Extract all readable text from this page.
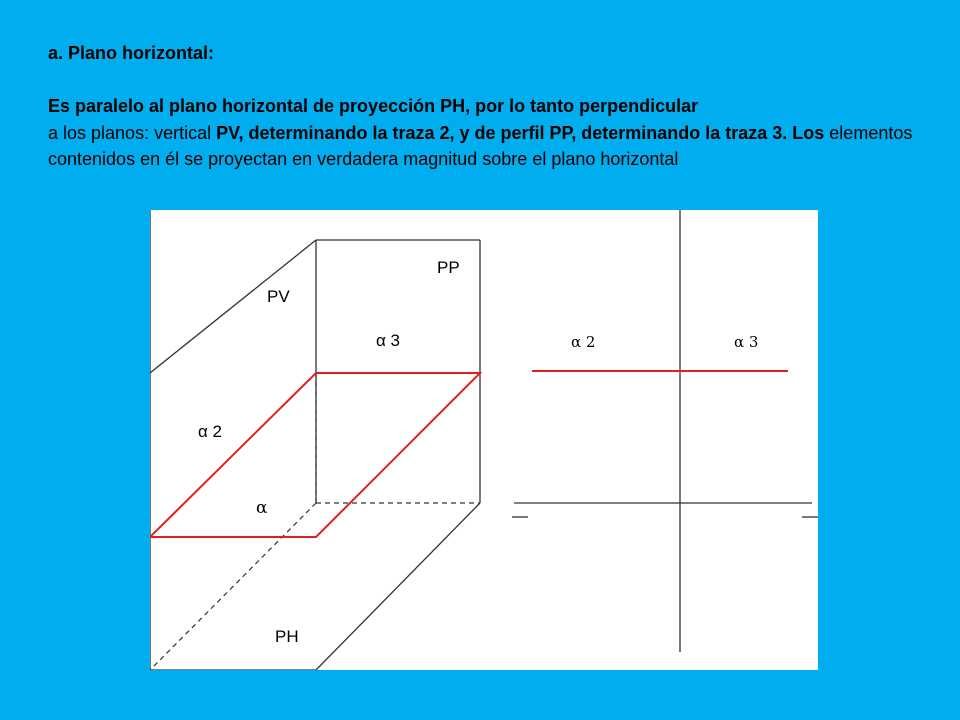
a. Plano horizontal:
Es paralelo al plano horizontal de proyección PH, por lo tanto perpendicular
a los planos: vertical PV, determinando la traza 2, y de perfil PP, determinando la traza 3. Los elementos contenidos en él se proyectan en verdadera magnitud sobre el plano horizontal
PV
PP
PH
α 3
α 2
α
α 2	α 3
